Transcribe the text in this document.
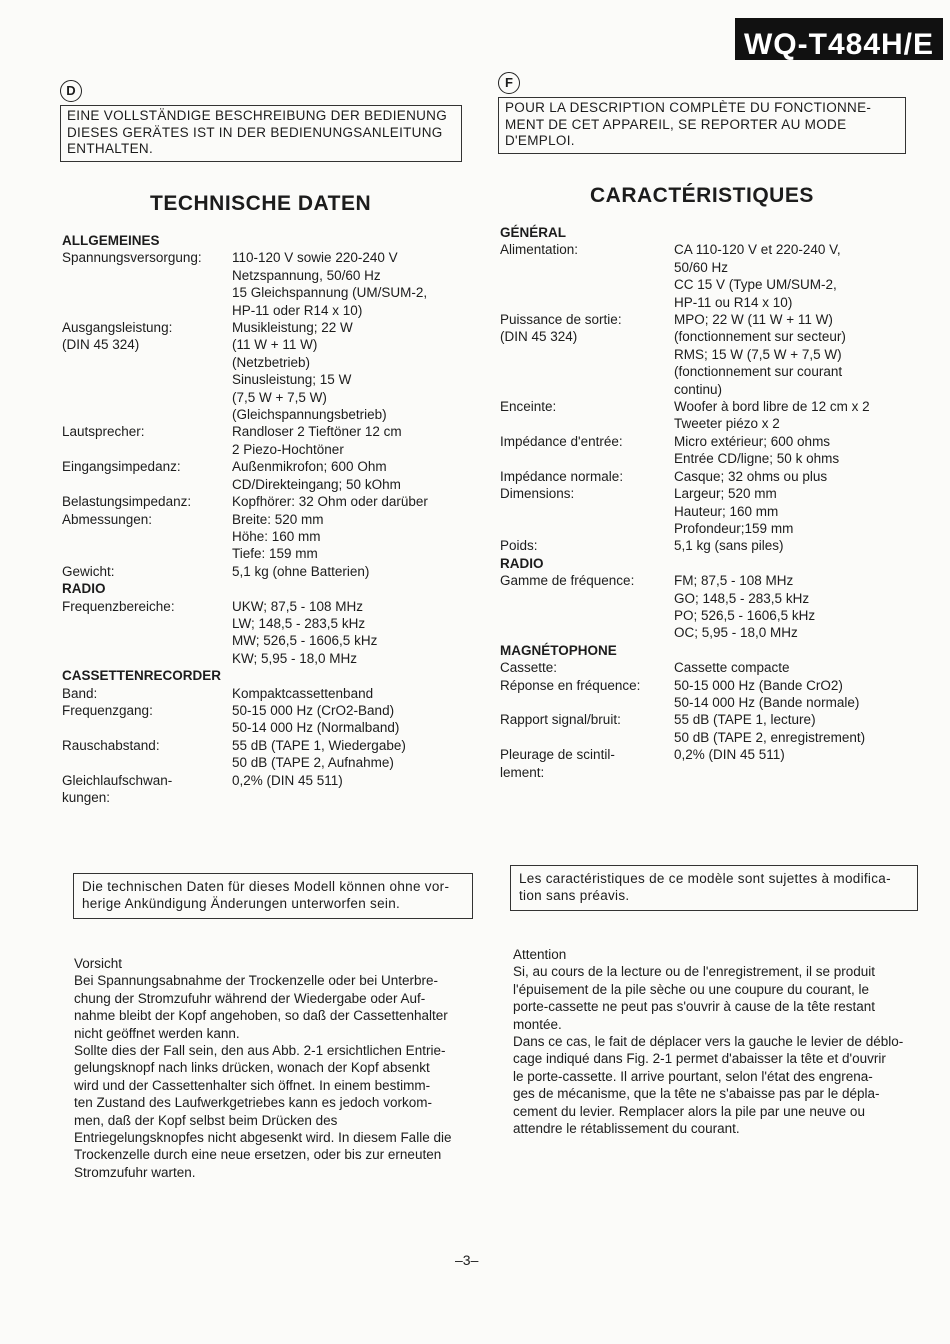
WQ-T484H/E
D
EINE VOLLSTÄNDIGE BESCHREIBUNG DER BEDIENUNG
DIESES GERÄTES IST IN DER BEDIENUNGSANLEITUNG
ENTHALTEN.
TECHNISCHE DATEN
ALLGEMEINES
Spannungsversorgung:	110-120 V sowie 220-240 V
Netzspannung, 50/60 Hz
15 Gleichspannung (UM/SUM-2,
HP-11 oder R14 x 10)
Ausgangsleistung:	Musikleistung; 22 W
(DIN 45 324)	(11 W + 11 W)
(Netzbetrieb)
Sinusleistung; 15 W
(7,5 W + 7,5 W)
(Gleichspannungsbetrieb)
Lautsprecher:	Randloser 2 Tieftöner 12 cm
2 Piezo-Hochtöner
Eingangsimpedanz:	Außenmikrofon; 600 Ohm
CD/Direkteingang; 50 kOhm
Belastungsimpedanz:	Kopfhörer: 32 Ohm oder darüber
Abmessungen:	Breite: 520 mm
Höhe: 160 mm
Tiefe: 159 mm
Gewicht:	5,1 kg (ohne Batterien)
RADIO
Frequenzbereiche:	UKW; 87,5 - 108 MHz
LW; 148,5 - 283,5 kHz
MW; 526,5 - 1606,5 kHz
KW; 5,95 - 18,0 MHz
CASSETTENRECORDER
Band:	Kompaktcassettenband
Frequenzgang:	50-15 000 Hz (CrO2-Band)
50-14 000 Hz (Normalband)
Rauschabstand:	55 dB (TAPE 1, Wiedergabe)
50 dB (TAPE 2, Aufnahme)
Gleichlaufschwan-	0,2% (DIN 45 511)
kungen:
Die technischen Daten für dieses Modell können ohne vor-
herige Ankündigung Änderungen unterworfen sein.
Vorsicht
Bei Spannungsabnahme der Trockenzelle oder bei Unterbre-
chung der Stromzufuhr während der Wiedergabe oder Auf-
nahme bleibt der Kopf angehoben, so daß der Cassettenhalter
nicht geöffnet werden kann.
Sollte dies der Fall sein, den aus Abb. 2-1 ersichtlichen Entrie-
gelungsknopf nach links drücken, wonach der Kopf absenkt
wird und der Cassettenhalter sich öffnet. In einem bestimm-
ten Zustand des Laufwerkgetriebes kann es jedoch vorkom-
men, daß der Kopf selbst beim Drücken des
Entriegelungsknopfes nicht abgesenkt wird. In diesem Falle die
Trockenzelle durch eine neue ersetzen, oder bis zur erneuten
Stromzufuhr warten.
F
POUR LA DESCRIPTION COMPLÈTE DU FONCTIONNE-
MENT DE CET APPAREIL, SE REPORTER AU MODE
D'EMPLOI.
CARACTÉRISTIQUES
GÉNÉRAL
Alimentation:	CA 110-120 V et 220-240 V,
50/60 Hz
CC 15 V (Type UM/SUM-2,
HP-11 ou R14 x 10)
Puissance de sortie:	MPO; 22 W (11 W + 11 W)
(DIN 45 324)	(fonctionnement sur secteur)
RMS; 15 W (7,5 W + 7,5 W)
(fonctionnement sur courant
continu)
Enceinte:	Woofer à bord libre de 12 cm x 2
Tweeter piézo x 2
Impédance d'entrée:	Micro extérieur; 600 ohms
Entrée CD/ligne; 50 k ohms
Impédance normale:	Casque; 32 ohms ou plus
Dimensions:	Largeur; 520 mm
Hauteur; 160 mm
Profondeur;159 mm
Poids:	5,1 kg (sans piles)
RADIO
Gamme de fréquence:	FM; 87,5 - 108 MHz
GO; 148,5 - 283,5 kHz
PO; 526,5 - 1606,5 kHz
OC; 5,95 - 18,0 MHz
MAGNÉTOPHONE
Cassette:	Cassette compacte
Réponse en fréquence:	50-15 000 Hz (Bande CrO2)
50-14 000 Hz (Bande normale)
Rapport signal/bruit:	55 dB (TAPE 1, lecture)
50 dB (TAPE 2, enregistrement)
Pleurage de scintil-	0,2% (DIN 45 511)
lement:
Les caractéristiques de ce modèle sont sujettes à modifica-
tion sans préavis.
Attention
Si, au cours de la lecture ou de l'enregistrement, il se produit
l'épuisement de la pile sèche ou une coupure du courant, le
porte-cassette ne peut pas s'ouvrir à cause de la tête restant
montée.
Dans ce cas, le fait de déplacer vers la gauche le levier de déblo-
cage indiqué dans Fig. 2-1 permet d'abaisser la tête et d'ouvrir
le porte-cassette. Il arrive pourtant, selon l'état des engrena-
ges de mécanisme, que la tête ne s'abaisse pas par le dépla-
cement du levier. Remplacer alors la pile par une neuve ou
attendre le rétablissement du courant.
–3–
